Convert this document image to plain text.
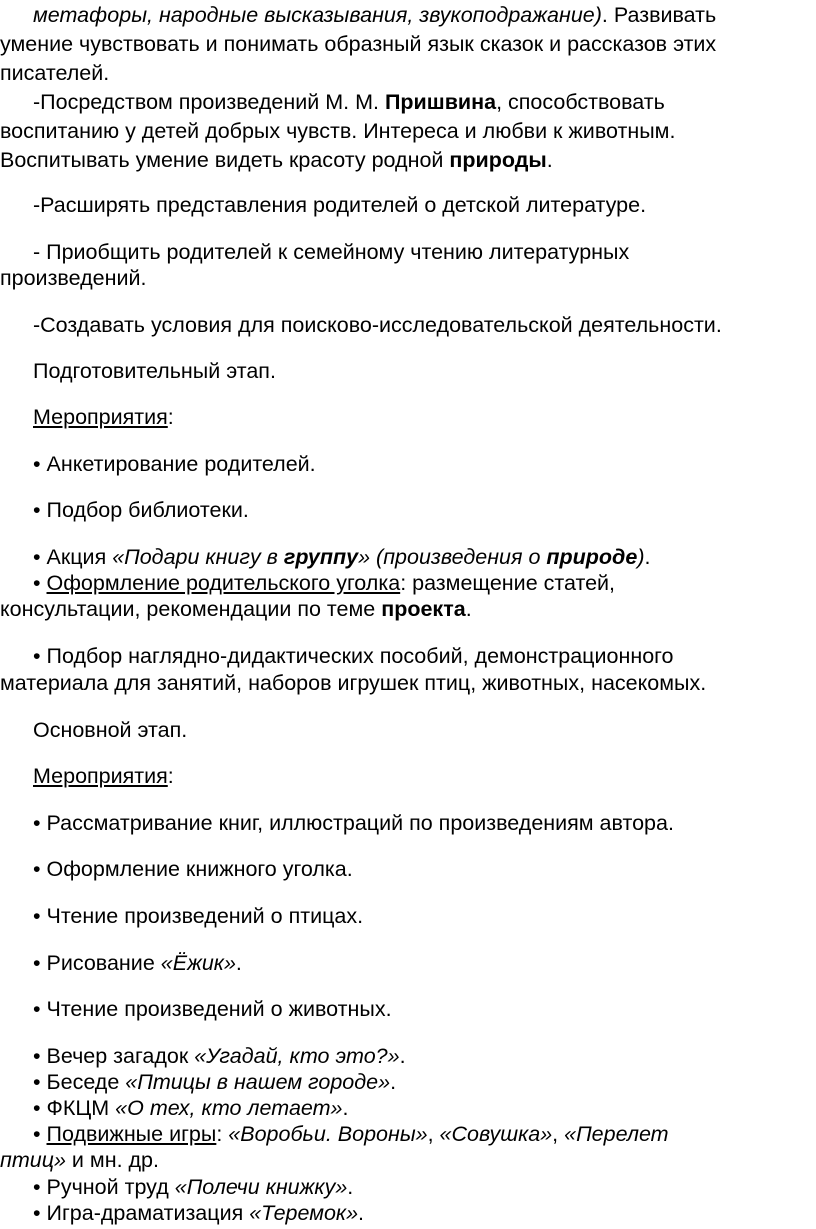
метафоры, народные высказывания, звукоподражание). Развивать
умение чувствовать и понимать образный язык сказок и рассказов этих
писателей.
-Посредством произведений М. М. Пришвина, способствовать
воспитанию у детей добрых чувств. Интереса и любви к животным.
Воспитывать умение видеть красоту родной природы.
-Расширять представления родителей о детской литературе.
- Приобщить родителей к семейному чтению литературных
произведений.
-Создавать условия для поисково-исследовательской деятельности.
Подготовительный этап.
Мероприятия:
• Анкетирование родителей.
• Подбор библиотеки.
• Акция «Подари книгу в группу» (произведения о природе).
• Оформление родительского уголка: размещение статей,
консультации, рекомендации по теме проекта.
• Подбор наглядно-дидактических пособий, демонстрационного
материала для занятий, наборов игрушек птиц, животных, насекомых.
Основной этап.
Мероприятия:
• Рассматривание книг, иллюстраций по произведениям автора.
• Оформление книжного уголка.
• Чтение произведений о птицах.
• Рисование «Ёжик».
• Чтение произведений о животных.
• Вечер загадок «Угадай, кто это?».
• Беседе «Птицы в нашем городе».
• ФКЦМ «О тех, кто летает».
• Подвижные игры: «Воробьи. Вороны», «Совушка», «Перелет
птиц» и мн. др.
• Ручной труд «Полечи книжку».
• Игра-драматизация «Теремок».
